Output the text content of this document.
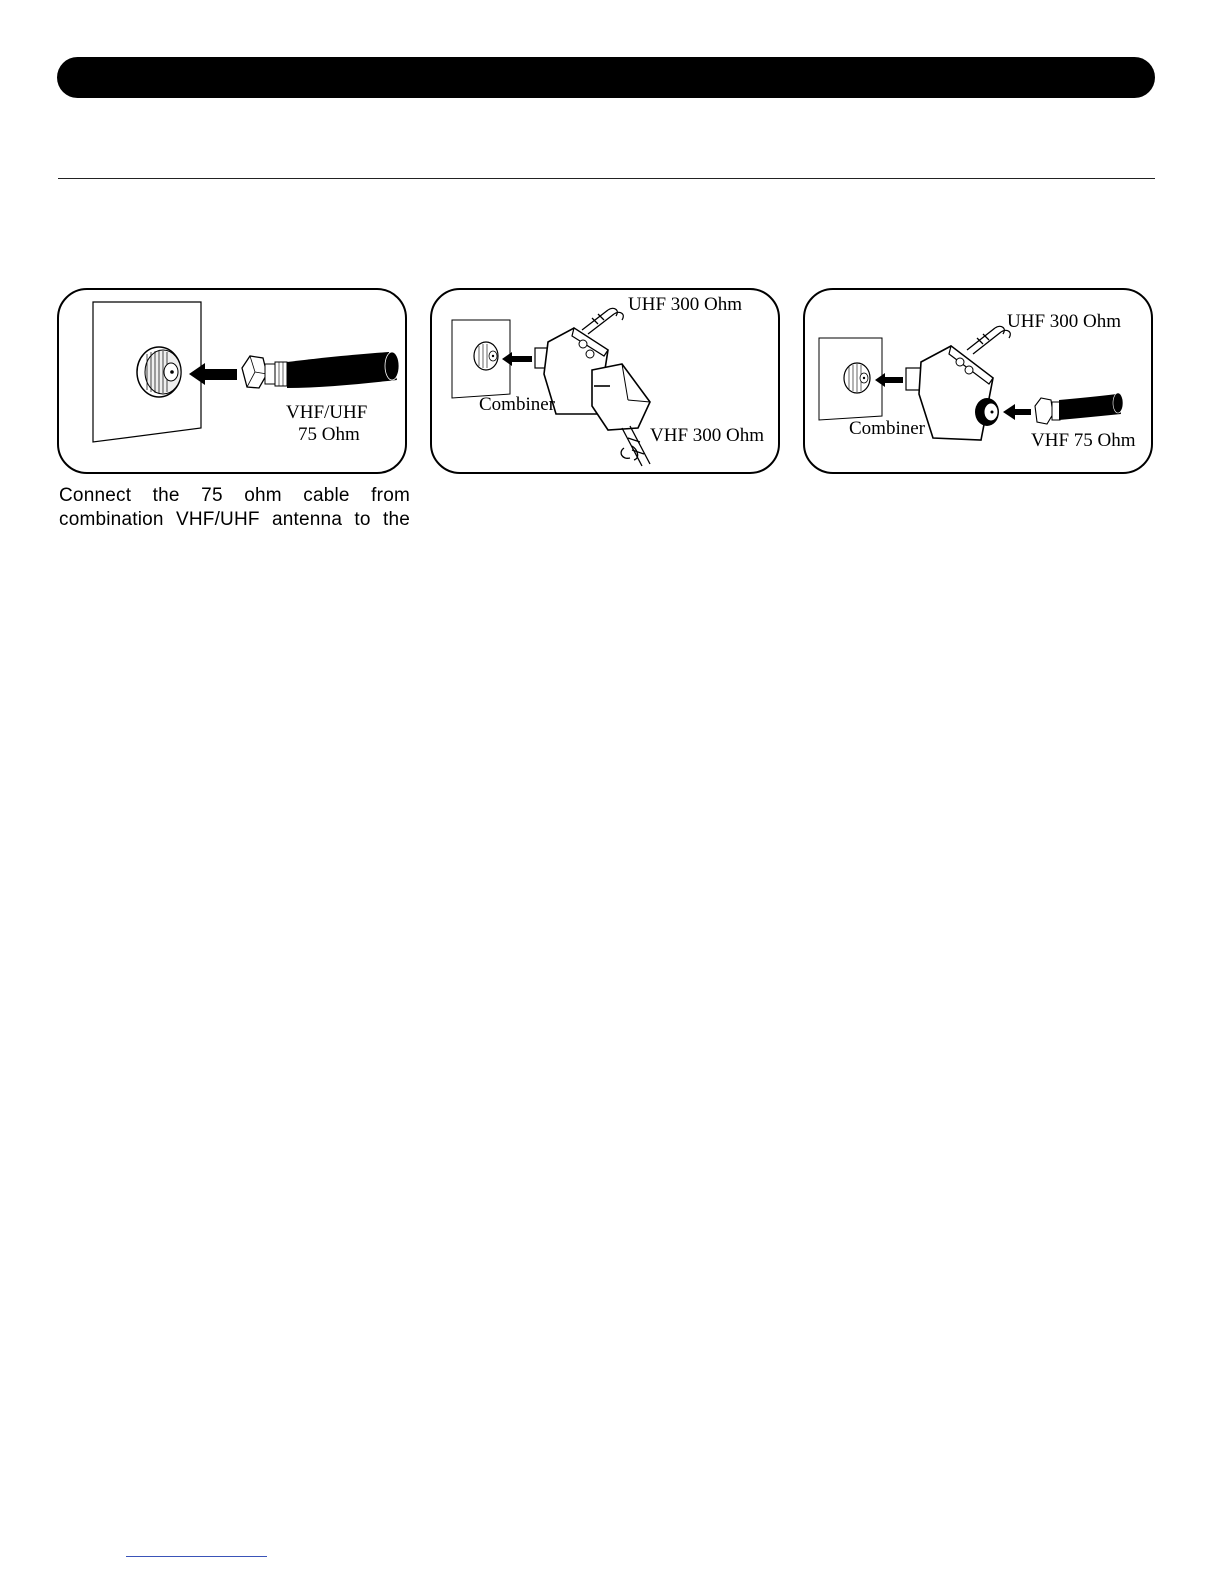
VHF/UHF
75 Ohm
UHF 300 Ohm
Combiner
VHF 300 Ohm
UHF 300 Ohm
Combiner
VHF 75 Ohm
Connect the 75 ohm cable from
combination VHF/UHF antenna to the
